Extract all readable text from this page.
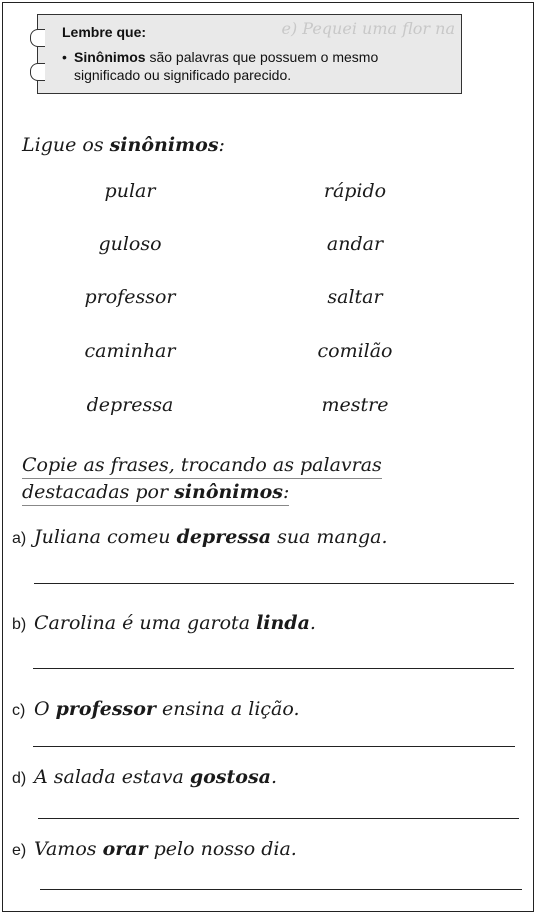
e) Pequei uma flor na
Lembre que:
• Sinônimos são palavras que possuem o mesmo
significado ou significado parecido.
Ligue os sinônimos:
pular	rápido
guloso	andar
professor	saltar
caminhar	comilão
depressa	mestre
Copie as frases, trocando as palavras
destacadas por sinônimos:
a) Juliana comeu depressa sua manga.
b) Carolina é uma garota linda.
c) O professor ensina a lição.
d) A salada estava gostosa.
e) Vamos orar pelo nosso dia.
